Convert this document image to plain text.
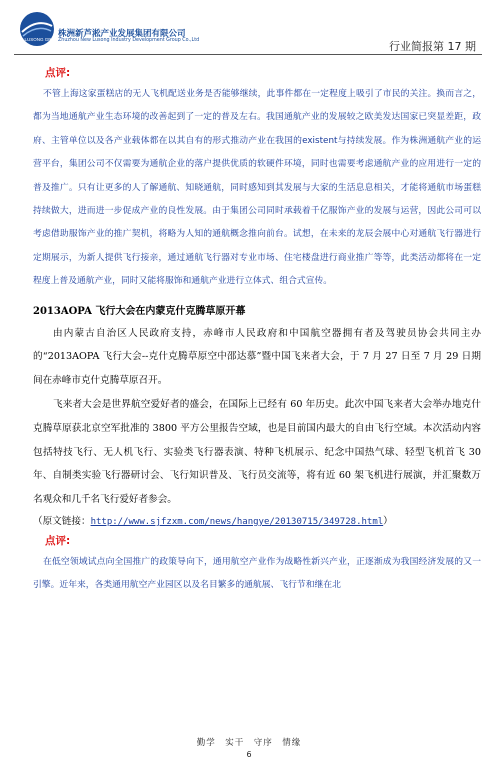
NEW LUSONG GROUP
株洲新芦淞产业发展集团有限公司
Zhuzhou New Lusong Industry Development Group Co.,Ltd	行业简报第 17 期
点评:

不管上海这家蛋糕店的无人飞机配送业务是否能够继续，此事件都在一定程度上吸引了市民的关注。换而言之，都为当地通航产业生态环境的改善起到了一定的普及左右。我国通航产业的发展较之欧美发达国家已突显差距，政府、主管单位以及各产业载体都在以其自有的形式推动产业在我国的existent与持续发展。作为株洲通航产业的运营平台，集团公司不仅需要为通航企业的落户提供优质的软硬件环境，同时也需要考虑通航产业的应用进行一定的普及推广。只有让更多的人了解通航、知晓通航，同时感知到其发展与大家的生活息息相关，才能将通航市场蛋糕持续做大，进而进一步促成产业的良性发展。由于集团公司同时承载着千亿服饰产业的发展与运营，因此公司可以考虑借助服饰产业的推广契机，将略为人知的通航概念推向前台。试想，在未来的龙辰会展中心对通航飞行器进行定期展示，为新人提供飞行接亲，通过通航飞行器对专业市场、住宅楼盘进行商业推广等等，此类活动都将在一定程度上普及通航产业，同时又能将服饰和通航产业进行立体式、组合式宣传。

2013AOPA 飞行大会在内蒙克什克腾草原开幕

由内蒙古自治区人民政府支持，赤峰市人民政府和中国航空器拥有者及驾驶员协会共同主办的“2013AOPA 飞行大会--克什克腾草原空中邵达慕”暨中国飞来者大会，于 7 月 27 日至 7 月 29 日期间在赤峰市克什克腾草原召开。

飞来者大会是世界航空爱好者的盛会，在国际上已经有 60 年历史。此次中国飞来者大会举办地克什克腾草原获北京空军批准的 3800 平方公里报告空域，也是目前国内最大的自由飞行空域。本次活动内容包括特技飞行、无人机飞行、实验类飞行器表演、特种飞机展示、纪念中国热气球、轻型飞机首飞 30 年、自制类实验飞行器研讨会、飞行知识普及、飞行员交流等，将有近 60 架飞机进行展演，并汇聚数万名观众和几千名飞行爱好者参会。

（原文链接：http://www.sjfzxm.com/news/hangye/20130715/349728.html）
点评:

在低空领域试点向全国推广的政策导向下，通用航空产业作为战略性新兴产业，正逐渐成为我国经济发展的又一引擎。近年来，各类通用航空产业园区以及名目繁多的通航展、飞行节和继在北

勤学　实干　守序　情缘
6
